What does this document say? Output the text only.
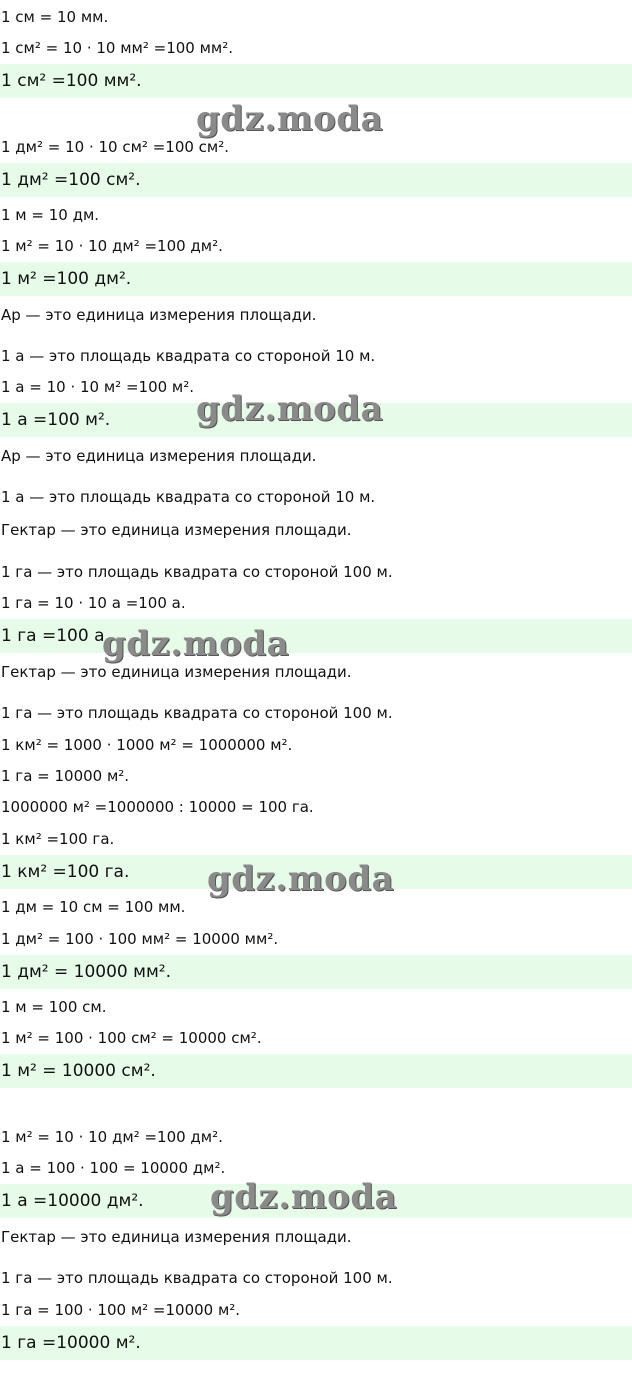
1 см = 10 мм.
1 см² = 10 · 10 мм² =100 мм².
1 см² =100 мм².
1 дм² = 10 · 10 см² =100 см².
1 дм² =100 см².
1 м = 10 дм.
1 м² = 10 · 10 дм² =100 дм².
1 м² =100 дм².
Ар — это единица измерения площади.
1 а — это площадь квадрата со стороной 10 м.
1 а = 10 · 10 м² =100 м².
1 а =100 м².
Ар — это единица измерения площади.
1 а — это площадь квадрата со стороной 10 м.
Гектар — это единица измерения площади.
1 га — это площадь квадрата со стороной 100 м.
1 га = 10 · 10 а =100 а.
1 га =100 а.
Гектар — это единица измерения площади.
1 га — это площадь квадрата со стороной 100 м.
1 км² = 1000 · 1000 м² = 1000000 м².
1 га = 10000 м².
1000000 м² =1000000 : 10000 = 100 га.
1 км² =100 га.
1 км² =100 га.
1 дм = 10 см = 100 мм.
1 дм² = 100 · 100 мм² = 10000 мм².
1 дм² = 10000 мм².
1 м = 100 см.
1 м² = 100 · 100 см² = 10000 см².
1 м² = 10000 см².
1 м² = 10 · 10 дм² =100 дм².
1 а = 100 · 100 = 10000 дм².
1 а =10000 дм².
Гектар — это единица измерения площади.
1 га — это площадь квадрата со стороной 100 м.
1 га = 100 · 100 м² =10000 м².
1 га =10000 м².
gdz.moda
gdz.moda
gdz.moda
gdz.moda
gdz.moda
